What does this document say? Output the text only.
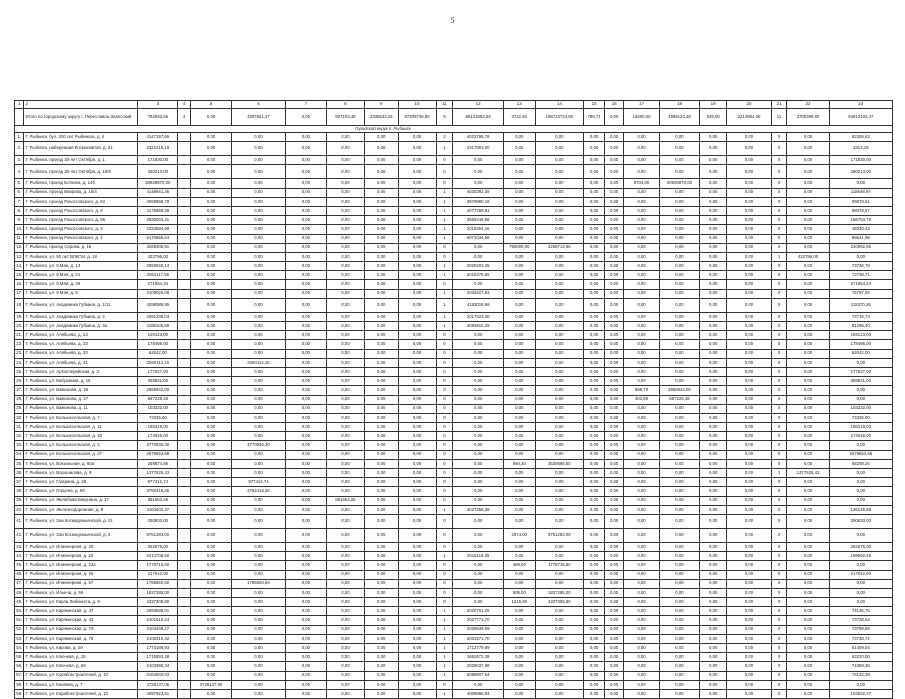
5
1	2	3	4	5	6	7	8	9	10	11	12	13	14	15	16	17	18	19	20	21	22	23
	Итого по городскому округу г. Переславль-Залесский	782593,56	4	0,00	3307651,47	0,00	927103,48	2336533,15	97209736,80	9	56143082,35	3742,94	186733724,80	789,71	0,00	16500,00	4989123,48	549,00	2214804,00	11	4705399,60	64913102,47
Городской округ г. Рыбинск																						
1.	Г. Рыбинск, бул. 200 лет Рыбинска, д. 4	4147197,65		0,00	0,00	0,00	0,00	0,00	0,00	2	4023796,76	0,00	0,00	0,00	0,00	0,00	0,00	0,00	0,00	0	0,00	92326,62
2.	Г. Рыбинск, набережная Космонавтов, д. 21	2321216,19		0,00	0,00	0,00	0,00	0,00	0,00	1	2317903,00	0,00	0,00	0,00	0,00	0,00	0,00	0,00	0,00	0	0,00	3313,19
3.	Г. Рыбинск, проезд 30-лет Октября, д. 1	171830,00		0,00	0,00	0,00	0,00	0,00	0,00	0	0,00	0,00	0,00	0,00	0,00	0,00	0,00	0,00	0,00	0	0,00	171830,00
4.	Г. Рыбинск, проезд 30-лет Октября, д. 18/5	280213,00		0,00	0,00	0,00	0,00	0,00	0,00	0	0,00	0,00	0,00	0,00	0,00	0,00	0,00	0,00	0,00	0	0,00	280213,00
5.	Г. Рыбинск, проезд Боткина, д. 14б	30928870,00		0,00	0,00	0,00	0,00	0,00	0,00	0	0,00	0,00	0,00	0,00	0,00	8704,00	20920870,00	0,00	0,00	0	0,00	0,00
6.	Г. Рыбинск, проезд Вихрова, д. 10/4	4148941,36		0,00	0,00	0,00	0,00	0,00	0,00	1	4030392,39	0,00	0,00	0,00	0,00	0,00	0,00	0,00	0,00	0	0,00	118548,97
7.	Г. Рыбинск, проезд Рокоссовского, д. 84	4069868,79		0,00	0,00	0,00	0,00	0,00	0,00	1	3979990,18	0,00	0,00	0,00	0,00	0,00	0,00	0,00	0,00	0	0,00	89878,61
8.	Г. Рыбинск, проезд Рокоссовского, д. 8	4175668,68		0,00	0,00	0,00	0,00	0,00	0,00	1	4077289,81	0,00	0,00	0,00	0,00	0,00	0,00	0,00	0,00	0	0,00	98378,87
9.	Г. Рыбинск, проезд Рокоссовского, д. 96	3835004,31		0,00	0,00	0,00	0,00	0,00	0,00	1	3668249,56	0,00	0,00	0,00	0,00	0,00	0,00	0,00	0,00	0	0,00	166754,75
10.	Г. Рыбинск, проезд Рокоссовского, д. 3	2033584,59		0,00	0,00	0,00	0,00	0,00	0,00	1	2015254,16	0,00	0,00	0,00	0,00	0,00	0,00	0,00	0,00	0	0,00	18330,43
11.	Г. Рыбинск, проезд Рокоссовского, д. 4	5170665,64		0,00	0,00	0,00	0,00	0,00	0,00	1	5071044,56	0,00	0,00	0,00	0,00	0,00	0,00	0,00	0,00	0	0,00	99621,08
12.	Г. Рыбинск, проезд Серова, д. 18	3269306,91		0,00	0,00	0,00	0,00	0,00	0,00	0	0,00	790000,00	2258713,96	0,00	0,00	0,00	0,00	0,00	0,00	0	0,00	220592,95
13.	Г. Рыбинск, ул. 50 лет ВЛКСМ, д. 18	422796,00		0,00	0,00	0,00	0,00	0,00	0,00	0	0,00	0,00	0,00	0,00	0,00	0,00	0,00	0,00	0,00	1	422796,00	0,00
14.	Г. Рыбинск, ул. 9 Мая, д. 13	2093940,14		0,00	0,00	0,00	0,00	0,00	0,00	1	2020203,35	0,00	0,00	0,00	0,00	0,00	0,00	0,00	0,00	0	0,00	73736,79
15.	Г. Рыбинск, ул. 9 Мая, д. 21	2084117,56		0,00	0,00	0,00	0,00	0,00	0,00	1	2010378,85	0,00	0,00	0,00	0,00	0,00	0,00	0,00	0,00	0	0,00	73738,71
16.	Г. Рыбинск, ул. 9 Мая, д. 35	271954,34		0,00	0,00	0,00	0,00	0,00	0,00	0	0,00	0,00	0,00	0,00	0,00	0,00	0,00	0,00	0,00	0	0,00	271954,34
17.	Г. Рыбинск, ул. 9 Мая, д. 5	2109025,08		0,00	0,00	0,00	0,00	0,00	0,00	1	2033227,83	0,00	0,00	0,00	0,00	0,00	0,00	0,00	0,00	0	0,00	75797,25
18.	Г. Рыбинск, ул. Академика Губкина, д. 1/11	4298388,95		0,00	0,00	0,00	0,00	0,00	0,00	1	4183018,69	0,00	0,00	0,00	0,00	0,00	0,00	0,00	0,00	0	0,00	115370,26
19.	Г. Рыбинск, ул. Академика Губкина, д. 3	2091239,03		0,00	0,00	0,00	0,00	0,00	0,00	1	2017523,30	0,00	0,00	0,00	0,00	0,00	0,00	0,00	0,00	0	0,00	73715,73
20.	Г. Рыбинск, ул. Академика Губкина, д. 3а	4185106,69		0,00	0,00	0,00	0,00	0,00	0,00	1	4093810,29	0,00	0,00	0,00	0,00	0,00	0,00	0,00	0,00	0	0,00	91296,40
21.	Г. Рыбинск, ул. Алябьева, д. 13	169123,00		0,00	0,00	0,00	0,00	0,00	0,00	0	0,00	0,00	0,00	0,00	0,00	0,00	0,00	0,00	0,00	0	0,00	169123,00
22.	Г. Рыбинск, ул. Алябьева, д. 23	178486,00		0,00	0,00	0,00	0,00	0,00	0,00	0	0,00	0,00	0,00	0,00	0,00	0,00	0,00	0,00	0,00	0	0,00	178486,00
23.	Г. Рыбинск, ул. Алябьева, д. 33	62042,00		0,00	0,00	0,00	0,00	0,00	0,00	0	0,00	0,00	0,00	0,00	0,00	0,00	0,00	0,00	0,00	0	0,00	62042,00
24.	Г. Рыбинск, ул. Алябьева, д. 41	3260114,16		0,00	3260114,16	0,00	0,00	0,00	0,00	0	0,00	0,00	0,00	0,00	0,00	0,00	0,00	0,00	0,00	0	0,00	0,00
25.	Г. Рыбинск, ул. Артиллерийская, д. 3	177527,00		0,00	0,00	0,00	0,00	0,00	0,00	0	0,00	0,00	0,00	0,00	0,00	0,00	0,00	0,00	0,00	0	0,00	177527,00
26.	Г. Рыбинск, ул. Бабушкина, д. 16	368831,00		0,00	0,00	0,00	0,00	0,00	0,00	0	0,00	0,00	0,00	0,00	0,00	0,00	0,00	0,00	0,00	0	0,00	368831,00
27.	Г. Рыбинск, ул. Бажанова, д. 26	2955642,00		0,00	0,00	0,00	0,00	0,00	0,00	0	0,00	0,00	0,00	0,00	0,00	988,70	2955642,00	0,00	0,00	0	0,00	0,00
28.	Г. Рыбинск, ул. Бажанова, д. 27	687228,48		0,00	0,00	0,00	0,00	0,00	0,00	0	0,00	0,00	0,00	0,00	0,00	303,80	687228,48	0,00	0,00	0	0,00	0,00
29.	Г. Рыбинск, ул. Бажанова, д. 11	103332,00		0,00	0,00	0,00	0,00	0,00	0,00	0	0,00	0,00	0,00	0,00	0,00	0,00	0,00	0,00	0,00	0	0,00	103332,00
30.	Г. Рыбинск, ул. Большесельская, д. 7	73335,00		0,00	0,00	0,00	0,00	0,00	0,00	0	0,00	0,00	0,00	0,00	0,00	0,00	0,00	0,00	0,00	0	0,00	73335,00
31.	Г. Рыбинск, ул. Большесельская, д. 11	195318,00		0,00	0,00	0,00	0,00	0,00	0,00	0	0,00	0,00	0,00	0,00	0,00	0,00	0,00	0,00	0,00	0	0,00	195318,00
32.	Г. Рыбинск, ул. Большесельская, д. 40	174046,00		0,00	0,00	0,00	0,00	0,00	0,00	0	0,00	0,00	0,00	0,00	0,00	0,00	0,00	0,00	0,00	0	0,00	174046,00
33.	Г. Рыбинск, ул. Большесельская, д. 3	3770936,30		0,00	3770936,30	0,00	0,00	0,00	0,00	0	0,00	0,00	0,00	0,00	0,00	0,00	0,00	0,00	0,00	0	0,00	0,00
34.	Г. Рыбинск, ул. Большесельская, д. 27	2579653,68		0,00	0,00	0,00	0,00	0,00	0,00	0	0,00	0,00	0,00	0,00	0,00	0,00	0,00	0,00	0,00	0	0,00	2579653,68
35.	Г. Рыбинск, ул. Вокзальная, д. 60а	358874,86		0,00	0,00	0,00	0,00	0,00	0,00	0	0,00	650,30	3530666,60	0,00	0,00	0,00	0,00	0,00	0,00	0	0,00	58208,26
36.	Г. Рыбинск, ул. Ворошилова, д. 9	1377625,43		0,00	0,00	0,00	0,00	0,00	0,00	0	0,00	0,00	0,00	0,00	0,00	0,00	0,00	0,00	0,00	1	1377625,43	0,00
37.	Г. Рыбинск, ул. Гагарина, д. 29	977412,74		0,00	977412,74	0,00	0,00	0,00	0,00	0	0,00	0,00	0,00	0,00	0,00	0,00	0,00	0,00	0,00	0	0,00	0,00
38.	Г. Рыбинск, ул. Герцена, д. 99	3782416,26		0,00	3782416,26	0,00	0,00	0,00	0,00	0	0,00	0,00	0,00	0,00	0,00	0,00	0,00	0,00	0,00	0	0,00	0,00
39.	Г. Рыбинск, ул. Желябова-Бакунина, д. 17	881653,25		0,00	0,00	0,00	881653,25	0,00	0,00	0	0,00	0,00	0,00	0,00	0,00	0,00	0,00	0,00	0,00	0	0,00	0,00
40.	Г. Рыбинск, ул. Железнодорожная, д. 8	4163402,37		0,00	0,00	0,00	0,00	0,00	0,00	1	4027256,39	0,00	0,00	0,00	0,00	0,00	0,00	0,00	0,00	0	0,00	136145,98
41.	Г. Рыбинск, ул. Зои Космодемьянской, д. 21	290833,00		0,00	0,00	0,00	0,00	0,00	0,00	0	0,00	0,00	0,00	0,00	0,00	0,00	0,00	0,00	0,00	0	0,00	290833,00
42.	Г. Рыбинск, ул. Зои Космодемьянской, д. 4	9761283,00		0,00	0,00	0,00	0,00	0,00	0,00	0	0,00	2974,00	9761283,00	0,00	0,00	0,00	0,00	0,00	0,00	0	0,00	0,00
43.	Г. Рыбинск, ул. Инженерная, д. 20	282576,00		0,00	0,00	0,00	0,00	0,00	0,00	0	0,00	0,00	0,00	0,00	0,00	0,00	0,00	0,00	0,00	0	0,00	282576,00
44.	Г. Рыбинск, ул. Инженерная, д. 23	2214708,50		0,00	0,00	0,00	0,00	0,00	0,00	1	2015116,25	0,00	0,00	0,00	0,00	0,00	0,00	0,00	0,00	0	0,00	199592,25
45.	Г. Рыбинск, ул. Инженерная, д. 23а	1778715,60		0,00	0,00	0,00	0,00	0,00	0,00	0	0,00	498,00	1778715,60	0,00	0,00	0,00	0,00	0,00	0,00	0	0,00	0,00
46.	Г. Рыбинск, ул. Инженерная, д. 26	217942,00		0,00	0,00	0,00	0,00	0,00	0,00	0	0,00	0,00	0,00	0,00	0,00	0,00	0,00	0,00	0,00	0	0,00	217942,00
47.	Г. Рыбинск, ул. Инженерная, д. 57	1785660,60		0,00	1785660,60	0,00	0,00	0,00	0,00	0	0,00	0,00	0,00	0,00	0,00	0,00	0,00	0,00	0,00	0	0,00	0,00
48.	Г. Рыбинск, ул. Ильича, д. 56	1837285,00		0,00	0,00	0,00	0,00	0,00	0,00	0	0,00	605,00	1837285,00	0,00	0,00	0,00	0,00	0,00	0,00	0	0,00	0,00
49.	Г. Рыбинск, ул. Карла Либкнехта, д. 9	4337308,80		0,00	0,00	0,00	0,00	0,00	0,00	0	0,00	1219,90	4337308,80	0,00	0,00	0,00	0,00	0,00	0,00	0	0,00	0,00
50.	Г. Рыбинск, ул. Карякинская, д. 47	2094898,01		0,00	0,00	0,00	0,00	0,00	0,00	1	2020761,26	0,00	0,00	0,00	0,00	0,00	0,00	0,00	0,00	0	0,00	74136,75
51.	Г. Рыбинск, ул. Карякинская, д. 43	2101510,24		0,00	0,00	0,00	0,00	0,00	0,00	1	2027771,70	0,00	0,00	0,00	0,00	0,00	0,00	0,00	0,00	0	0,00	73738,54
52.	Г. Рыбинск, ул. Карякинская, д. 79	2104349,27		0,00	0,00	0,00	0,00	0,00	0,00	1	2030549,59	0,00	0,00	0,00	0,00	0,00	0,00	0,00	0,00	0	0,00	73799,68
53.	Г. Рыбинск, ул. Карякинская, д. 78	2105310,42		0,00	0,00	0,00	0,00	0,00	0,00	1	2031571,70	0,00	0,00	0,00	0,00	0,00	0,00	0,00	0,00	0	0,00	73738,72
54.	Г. Рыбинск, ул. Кирова, д. 29	1774188,93		0,00	0,00	0,00	0,00	0,00	0,00	1	1712779,89	0,00	0,00	0,00	0,00	0,00	0,00	0,00	0,00	0	0,00	61409,04
55.	Г. Рыбинск, ул. Ключева, д. 15	1715893,38		0,00	0,00	0,00	0,00	0,00	0,00	1	1652673,38	0,00	0,00	0,00	0,00	0,00	0,00	0,00	0,00	0	0,00	63220,00
56.	Г. Рыбинск, ул. Ключева, д. 69	2103396,34		0,00	0,00	0,00	0,00	0,00	0,00	1	2029037,98	0,00	0,00	0,00	0,00	0,00	0,00	0,00	0,00	0	0,00	74358,36
57.	Г. Рыбинск, ул. Кораблестроителей, д. 10	6164940,03		0,00	0,00	0,00	0,00	0,00	0,00	1	6088807,64	0,00	0,00	0,00	0,00	0,00	0,00	0,00	0,00	0	0,00	76132,39
58.	Г. Рыбинск, ул. Коняева, д. 7	3728137,06		3728137,06	0,00	0,00	0,00	0,00	0,00	0	0,00	0,00	0,00	0,00	0,00	0,00	0,00	0,00	0,00	0	0,00	0,00
59.	Г. Рыбинск, ул. Кораблестроителей, д. 10	4097923,51		0,00	0,00	0,00	0,00	0,00	0,00	1	4009889,94	0,00	0,00	0,00	0,00	0,00	0,00	0,00	0,00	0	0,00	104932,37
